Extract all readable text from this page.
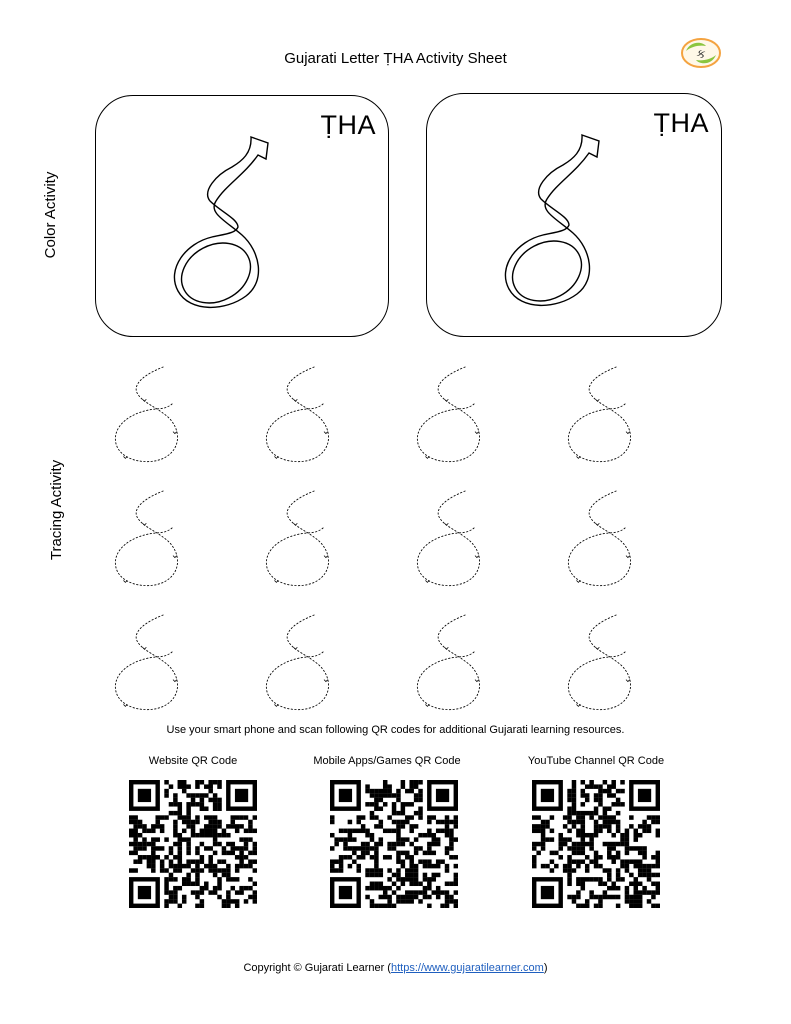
Gujarati Letter ṬHA Activity Sheet	ક
Color Activity
ṬHA	ṬHA
Tracing Activity
Use your smart phone and scan following QR codes for additional Gujarati learning resources.
Website QR Code	Mobile Apps/Games QR Code	YouTube Channel QR Code
Copyright © Gujarati Learner (https://www.gujaratilearner.com)
